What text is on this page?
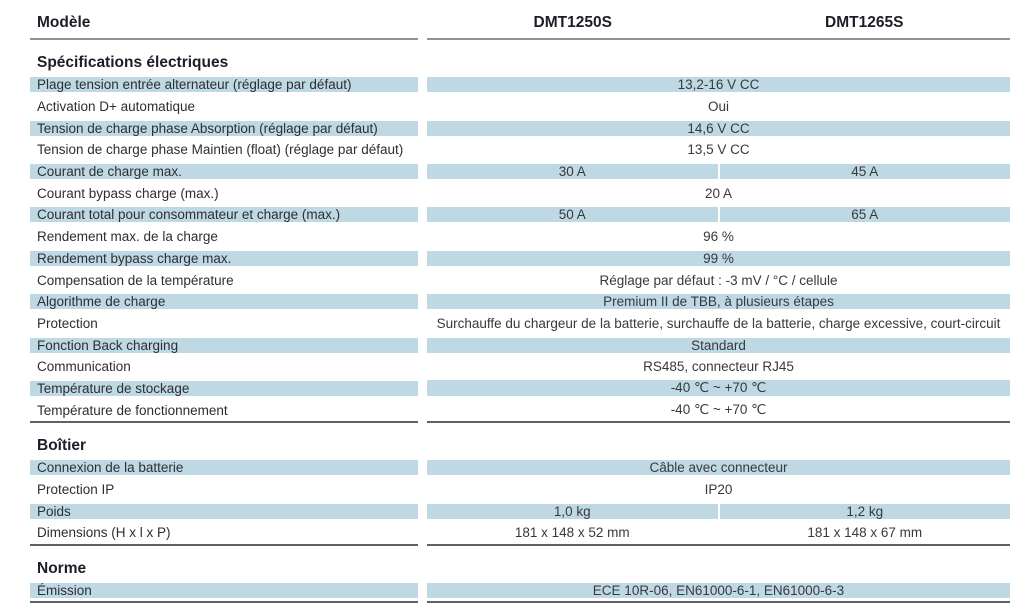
Modèle	DMT1250S	DMT1265S
Spécifications électriques
Plage tension entrée alternateur (réglage par défaut)	13,2-16 V CC
Activation D+ automatique	Oui
Tension de charge phase Absorption (réglage par défaut)	14,6 V CC
Tension de charge phase Maintien (float) (réglage par défaut)	13,5 V CC
Courant de charge max.	30 A	45 A
Courant bypass charge (max.)	20 A
Courant total pour consommateur et charge (max.)	50 A	65 A
Rendement max. de la charge	96 %
Rendement bypass charge max.	99 %
Compensation de la température	Réglage par défaut : -3 mV / °C / cellule
Algorithme de charge	Premium II de TBB, à plusieurs étapes
Protection	Surchauffe du chargeur de la batterie, surchauffe de la batterie, charge excessive, court-circuit
Fonction Back charging	Standard
Communication	RS485, connecteur RJ45
Température de stockage	-40 ℃ ~ +70 ℃
Température de fonctionnement	-40 ℃ ~ +70 ℃
Boîtier
Connexion de la batterie	Câble avec connecteur
Protection IP	IP20
Poids	1,0 kg	1,2 kg
Dimensions (H x l x P)	181 x 148 x 52 mm	181 x 148 x 67 mm
Norme
Émission	ECE 10R-06, EN61000-6-1, EN61000-6-3
